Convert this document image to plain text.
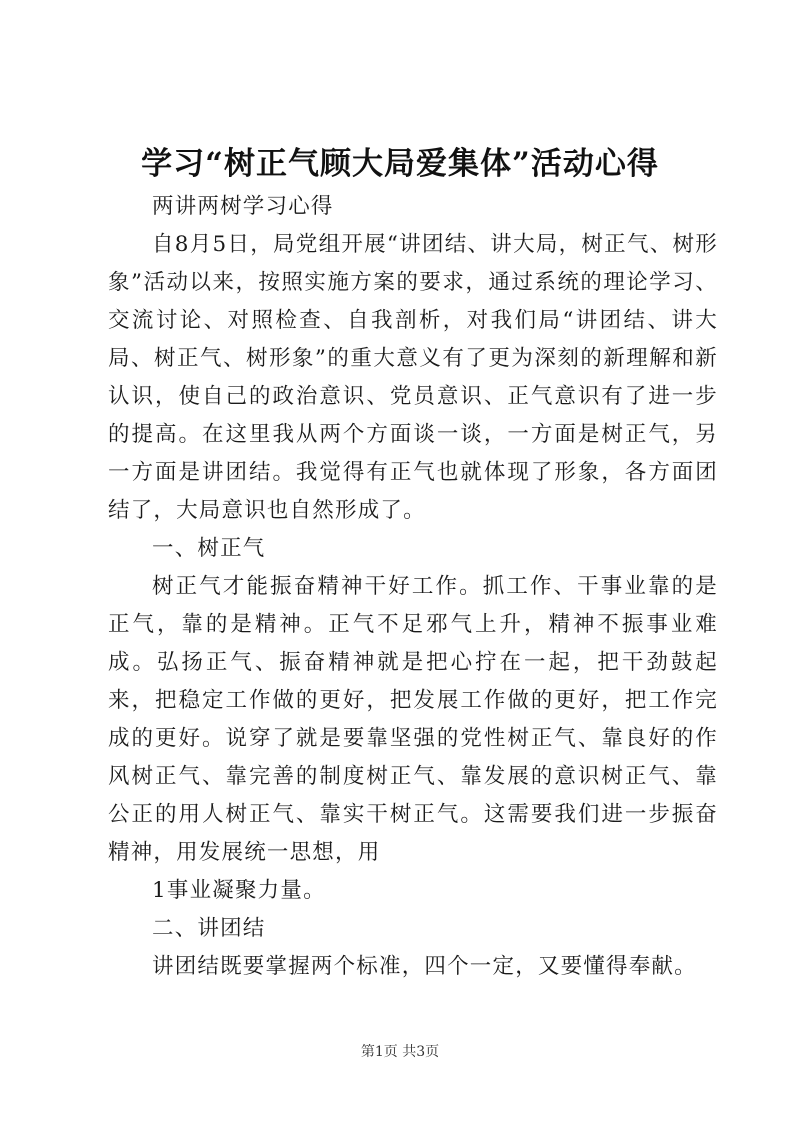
学习“树正气顾大局爱集体”活动心得

两讲两树学习心得

自8月5日，局党组开展“讲团结、讲大局，树正气、树形象”活动以来，按照实施方案的要求，通过系统的理论学习、交流讨论、对照检查、自我剖析，对我们局“讲团结、讲大局、树正气、树形象”的重大意义有了更为深刻的新理解和新认识，使自己的政治意识、党员意识、正气意识有了进一步的提高。在这里我从两个方面谈一谈，一方面是树正气，另一方面是讲团结。我觉得有正气也就体现了形象，各方面团结了，大局意识也自然形成了。

一、树正气

树正气才能振奋精神干好工作。抓工作、干事业靠的是正气，靠的是精神。正气不足邪气上升，精神不振事业难成。弘扬正气、振奋精神就是把心拧在一起，把干劲鼓起来，把稳定工作做的更好，把发展工作做的更好，把工作完成的更好。说穿了就是要靠坚强的党性树正气、靠良好的作风树正气、靠完善的制度树正气、靠发展的意识树正气、靠公正的用人树正气、靠实干树正气。这需要我们进一步振奋精神，用发展统一思想，用

1事业凝聚力量。

二、讲团结

讲团结既要掌握两个标准，四个一定，又要懂得奉献。

第1页 共3页
